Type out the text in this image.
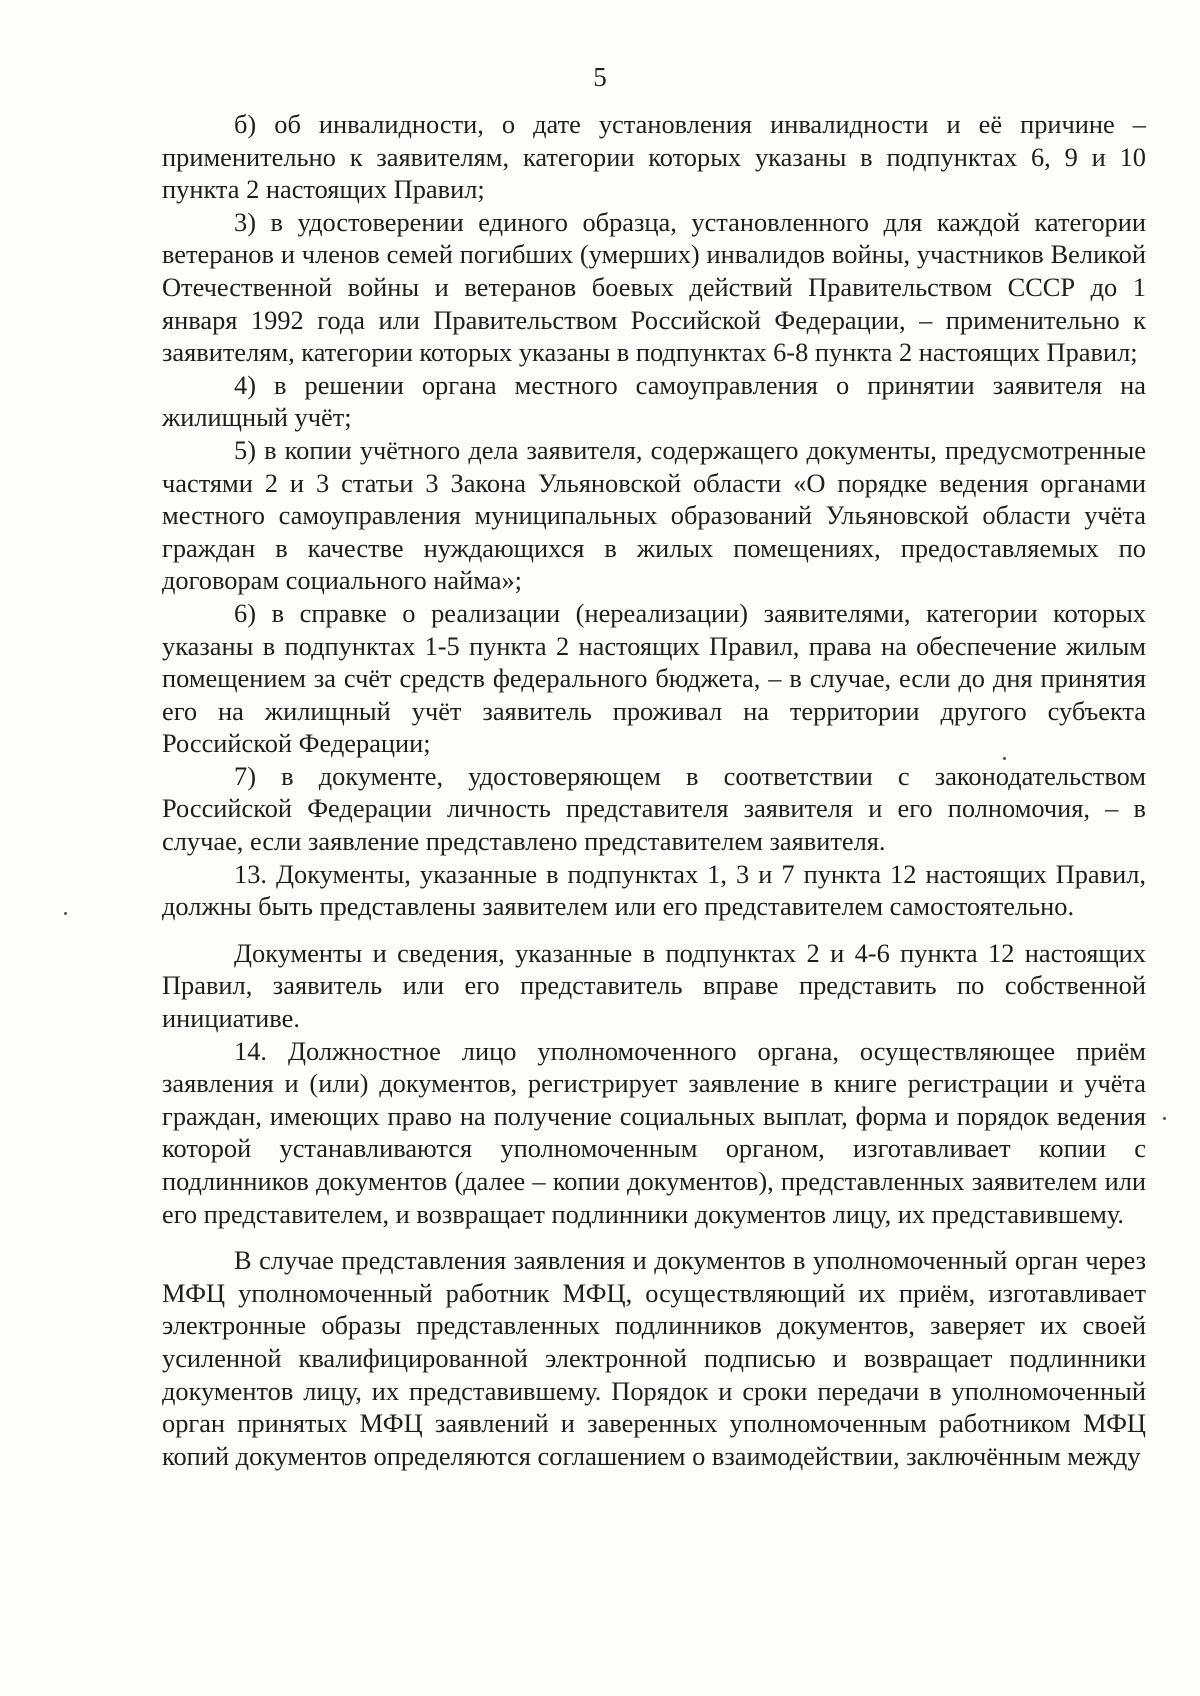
5

б) об инвалидности, о дате установления инвалидности и её причине – применительно к заявителям, категории которых указаны в подпунктах 6, 9 и 10 пункта 2 настоящих Правил;

3) в удостоверении единого образца, установленного для каждой категории ветеранов и членов семей погибших (умерших) инвалидов войны, участников Великой Отечественной войны и ветеранов боевых действий Правительством СССР до 1 января 1992 года или Правительством Российской Федерации, – применительно к заявителям, категории которых указаны в подпунктах 6-8 пункта 2 настоящих Правил;

4) в решении органа местного самоуправления о принятии заявителя на жилищный учёт;

5) в копии учётного дела заявителя, содержащего документы, предусмотренные частями 2 и 3 статьи 3 Закона Ульяновской области «О порядке ведения органами местного самоуправления муниципальных образований Ульяновской области учёта граждан в качестве нуждающихся в жилых помещениях, предоставляемых по договорам социального найма»;

6) в справке о реализации (нереализации) заявителями, категории которых указаны в подпунктах 1-5 пункта 2 настоящих Правил, права на обеспечение жилым помещением за счёт средств федерального бюджета, – в случае, если до дня принятия его на жилищный учёт заявитель проживал на территории другого субъекта Российской Федерации;

7) в документе, удостоверяющем в соответствии с законодательством Российской Федерации личность представителя заявителя и его полномочия, – в случае, если заявление представлено представителем заявителя.

13. Документы, указанные в подпунктах 1, 3 и 7 пункта 12 настоящих Правил, должны быть представлены заявителем или его представителем самостоятельно.

Документы и сведения, указанные в подпунктах 2 и 4-6 пункта 12 настоящих Правил, заявитель или его представитель вправе представить по собственной инициативе.

14. Должностное лицо уполномоченного органа, осуществляющее приём заявления и (или) документов, регистрирует заявление в книге регистрации и учёта граждан, имеющих право на получение социальных выплат, форма и порядок ведения которой устанавливаются уполномоченным органом, изготавливает копии с подлинников документов (далее – копии документов), представленных заявителем или его представителем, и возвращает подлинники документов лицу, их представившему.

В случае представления заявления и документов в уполномоченный орган через МФЦ уполномоченный работник МФЦ, осуществляющий их приём, изготавливает электронные образы представленных подлинников документов, заверяет их своей усиленной квалифицированной электронной подписью и возвращает подлинники документов лицу, их представившему. Порядок и сроки передачи в уполномоченный орган принятых МФЦ заявлений и заверенных уполномоченным работником МФЦ копий документов определяются соглашением о взаимодействии, заключённым между
